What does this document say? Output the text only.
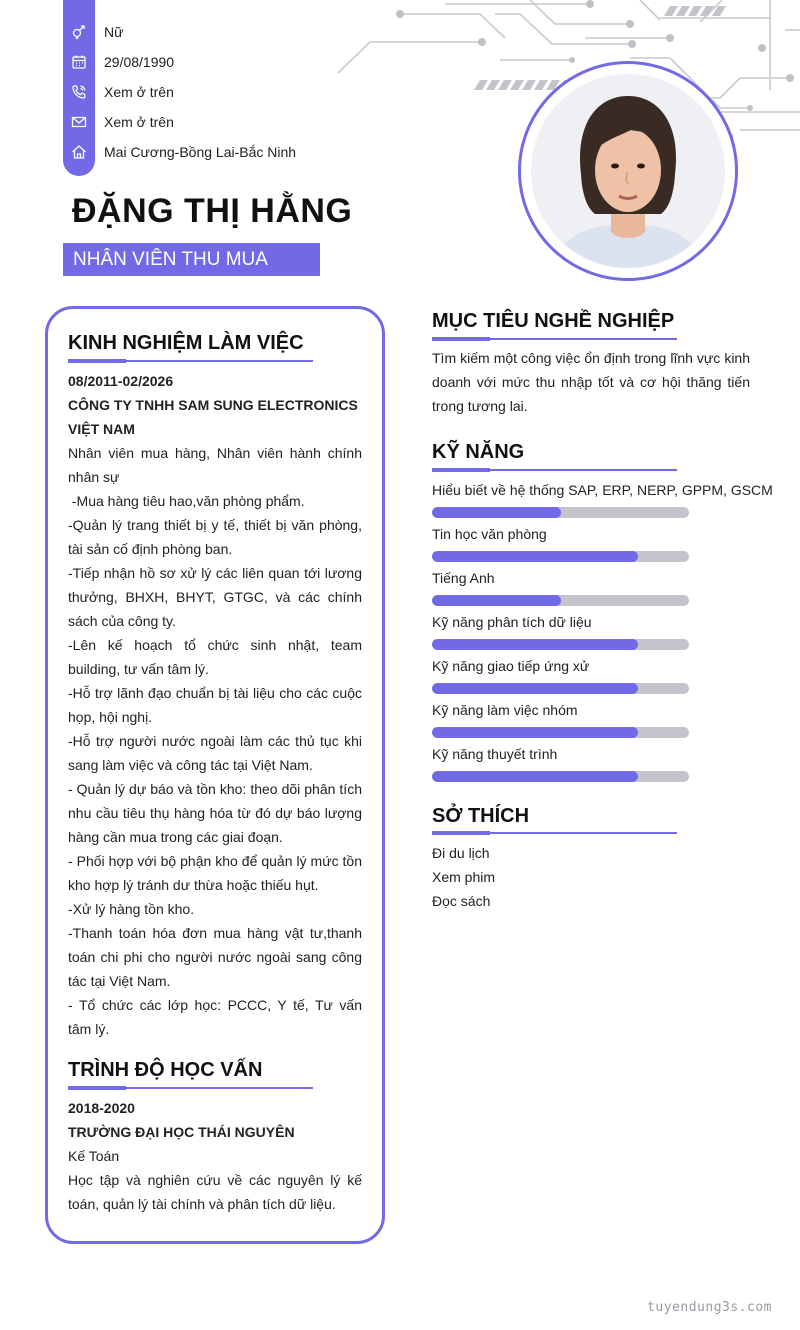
Nữ
29/08/1990
Xem ở trên
Xem ở trên
Mai Cương-Bồng Lai-Bắc Ninh
ĐẶNG THỊ HẰNG
NHÂN VIÊN THU MUA
KINH NGHIỆM LÀM VIỆC
08/2011-02/2026
CÔNG TY TNHH SAM SUNG ELECTRONICS VIỆT NAM

Nhân viên mua hàng, Nhân viên hành chính nhân sự

-Mua hàng tiêu hao,văn phòng phẩm.

-Quản lý trang thiết bị y tế, thiết bị văn phòng, tài sản cố định phòng ban.

-Tiếp nhận hồ sơ xử lý các liên quan tới lương thưởng, BHXH, BHYT, GTGC, và các chính sách của công ty.

-Lên kế hoạch tổ chức sinh nhật, team building, tư vấn tâm lý.

-Hỗ trợ lãnh đạo chuẩn bị tài liệu cho các cuộc họp, hội nghị.

-Hỗ trợ người nước ngoài làm các thủ tục khi sang làm việc và công tác tại Việt Nam.

- Quản lý dự báo và tồn kho: theo dõi phân tích nhu cầu tiêu thụ hàng hóa từ đó dự báo lượng hàng cần mua trong các giai đoạn.

- Phối hợp với bộ phận kho để quản lý mức tồn kho hợp lý tránh dư thừa hoặc thiếu hụt.

-Xử lý hàng tồn kho.

-Thanh toán hóa đơn mua hàng vật tư,thanh toán chi phi cho người nước ngoài sang công tác tại Việt Nam.

- Tổ chức các lớp học: PCCC, Y tế, Tư vấn tâm lý.

TRÌNH ĐỘ HỌC VẤN
2018-2020
TRƯỜNG ĐẠI HỌC THÁI NGUYÊN
Kế Toán

Học tập và nghiên cứu về các nguyên lý kế toán, quản lý tài chính và phân tích dữ liệu.

MỤC TIÊU NGHỀ NGHIỆP

Tìm kiếm một công việc ổn định trong lĩnh vực kinh doanh với mức thu nhập tốt và cơ hội thăng tiến trong tương lai.

KỸ NĂNG
Hiểu biết về hệ thống SAP, ERP, NERP, GPPM, GSCM
Tin học văn phòng
Tiếng Anh
Kỹ năng phân tích dữ liệu
Kỹ năng giao tiếp ứng xử
Kỹ năng làm việc nhóm
Kỹ năng thuyết trình
SỞ THÍCH
Đi du lịch
Xem phim
Đọc sách
tuyendung3s.com
